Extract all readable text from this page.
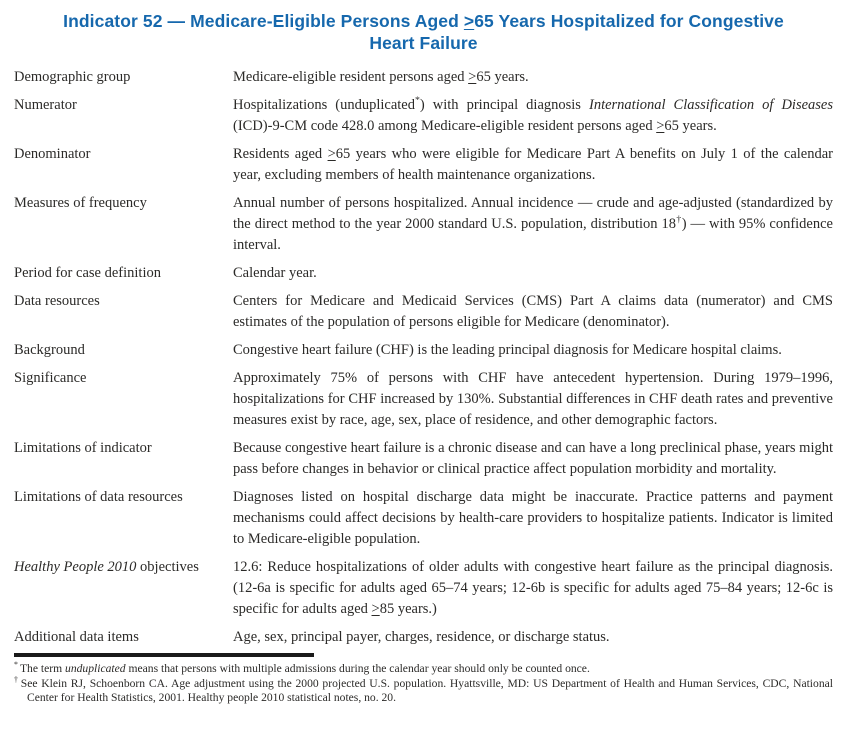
Indicator 52 — Medicare-Eligible Persons Aged >65 Years Hospitalized for Congestive Heart Failure
Demographic group	Medicare-eligible resident persons aged >65 years.
Numerator	Hospitalizations (unduplicated*) with principal diagnosis International Classification of Diseases (ICD)-9-CM code 428.0 among Medicare-eligible resident persons aged >65 years.
Denominator	Residents aged >65 years who were eligible for Medicare Part A benefits on July 1 of the calendar year, excluding members of health maintenance organizations.
Measures of frequency	Annual number of persons hospitalized. Annual incidence — crude and age-adjusted (standardized by the direct method to the year 2000 standard U.S. population, distribution 18†) — with 95% confidence interval.
Period for case definition	Calendar year.
Data resources	Centers for Medicare and Medicaid Services (CMS) Part A claims data (numerator) and CMS estimates of the population of persons eligible for Medicare (denominator).
Background	Congestive heart failure (CHF) is the leading principal diagnosis for Medicare hospital claims.
Significance	Approximately 75% of persons with CHF have antecedent hypertension. During 1979–1996, hospitalizations for CHF increased by 130%. Substantial differences in CHF death rates and preventive measures exist by race, age, sex, place of residence, and other demographic factors.
Limitations of indicator	Because congestive heart failure is a chronic disease and can have a long preclinical phase, years might pass before changes in behavior or clinical practice affect population morbidity and mortality.
Limitations of data resources	Diagnoses listed on hospital discharge data might be inaccurate. Practice patterns and payment mechanisms could affect decisions by health-care providers to hospitalize patients. Indicator is limited to Medicare-eligible population.
Healthy People 2010 objectives	12.6: Reduce hospitalizations of older adults with congestive heart failure as the principal diagnosis. (12-6a is specific for adults aged 65–74 years; 12-6b is specific for adults aged 75–84 years; 12-6c is specific for adults aged >85 years.)
Additional data items	Age, sex, principal payer, charges, residence, or discharge status.
* The term unduplicated means that persons with multiple admissions during the calendar year should only be counted once.
† See Klein RJ, Schoenborn CA. Age adjustment using the 2000 projected U.S. population. Hyattsville, MD: US Department of Health and Human Services, CDC, National Center for Health Statistics, 2001. Healthy people 2010 statistical notes, no. 20.
